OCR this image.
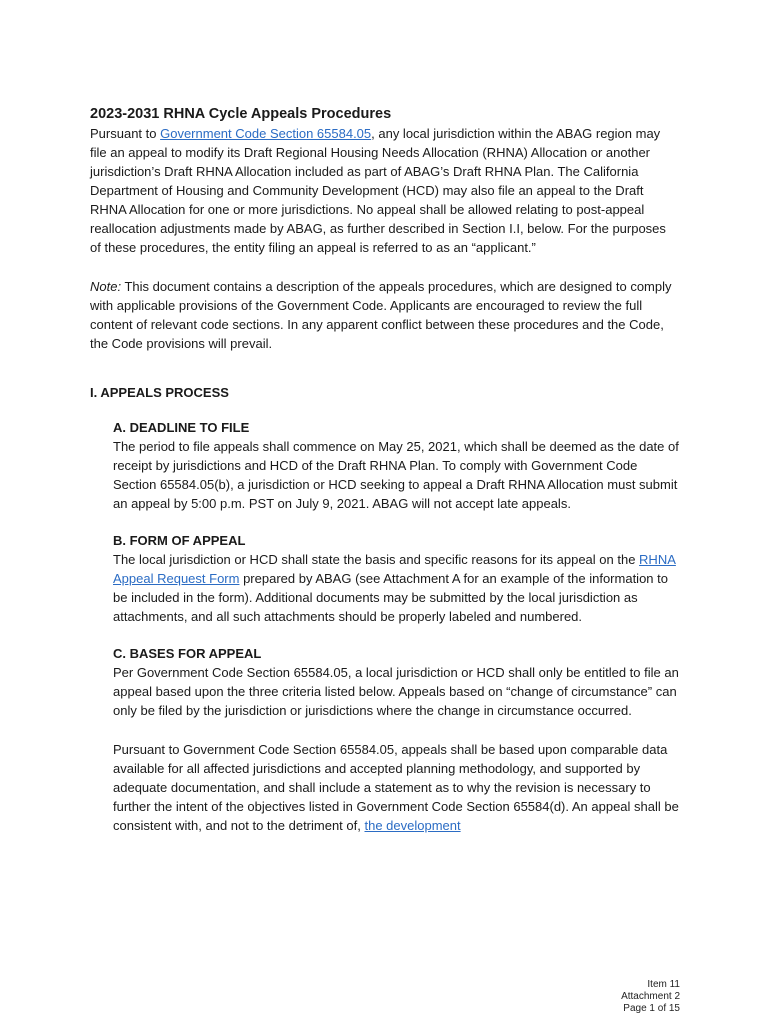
2023-2031 RHNA Cycle Appeals Procedures

Pursuant to Government Code Section 65584.05, any local jurisdiction within the ABAG region may file an appeal to modify its Draft Regional Housing Needs Allocation (RHNA) Allocation or another jurisdiction’s Draft RHNA Allocation included as part of ABAG’s Draft RHNA Plan. The California Department of Housing and Community Development (HCD) may also file an appeal to the Draft RHNA Allocation for one or more jurisdictions. No appeal shall be allowed relating to post-appeal reallocation adjustments made by ABAG, as further described in Section I.I, below. For the purposes of these procedures, the entity filing an appeal is referred to as an “applicant.”

Note: This document contains a description of the appeals procedures, which are designed to comply with applicable provisions of the Government Code. Applicants are encouraged to review the full content of relevant code sections. In any apparent conflict between these procedures and the Code, the Code provisions will prevail.

I. APPEALS PROCESS
A. DEADLINE TO FILE

The period to file appeals shall commence on May 25, 2021, which shall be deemed as the date of receipt by jurisdictions and HCD of the Draft RHNA Plan. To comply with Government Code Section 65584.05(b), a jurisdiction or HCD seeking to appeal a Draft RHNA Allocation must submit an appeal by 5:00 p.m. PST on July 9, 2021. ABAG will not accept late appeals.

B. FORM OF APPEAL

The local jurisdiction or HCD shall state the basis and specific reasons for its appeal on the RHNA Appeal Request Form prepared by ABAG (see Attachment A for an example of the information to be included in the form). Additional documents may be submitted by the local jurisdiction as attachments, and all such attachments should be properly labeled and numbered.

C. BASES FOR APPEAL

Per Government Code Section 65584.05, a local jurisdiction or HCD shall only be entitled to file an appeal based upon the three criteria listed below. Appeals based on “change of circumstance” can only be filed by the jurisdiction or jurisdictions where the change in circumstance occurred.

Pursuant to Government Code Section 65584.05, appeals shall be based upon comparable data available for all affected jurisdictions and accepted planning methodology, and supported by adequate documentation, and shall include a statement as to why the revision is necessary to further the intent of the objectives listed in Government Code Section 65584(d). An appeal shall be consistent with, and not to the detriment of, the development

Item 11
Attachment 2
Page 1 of 15
